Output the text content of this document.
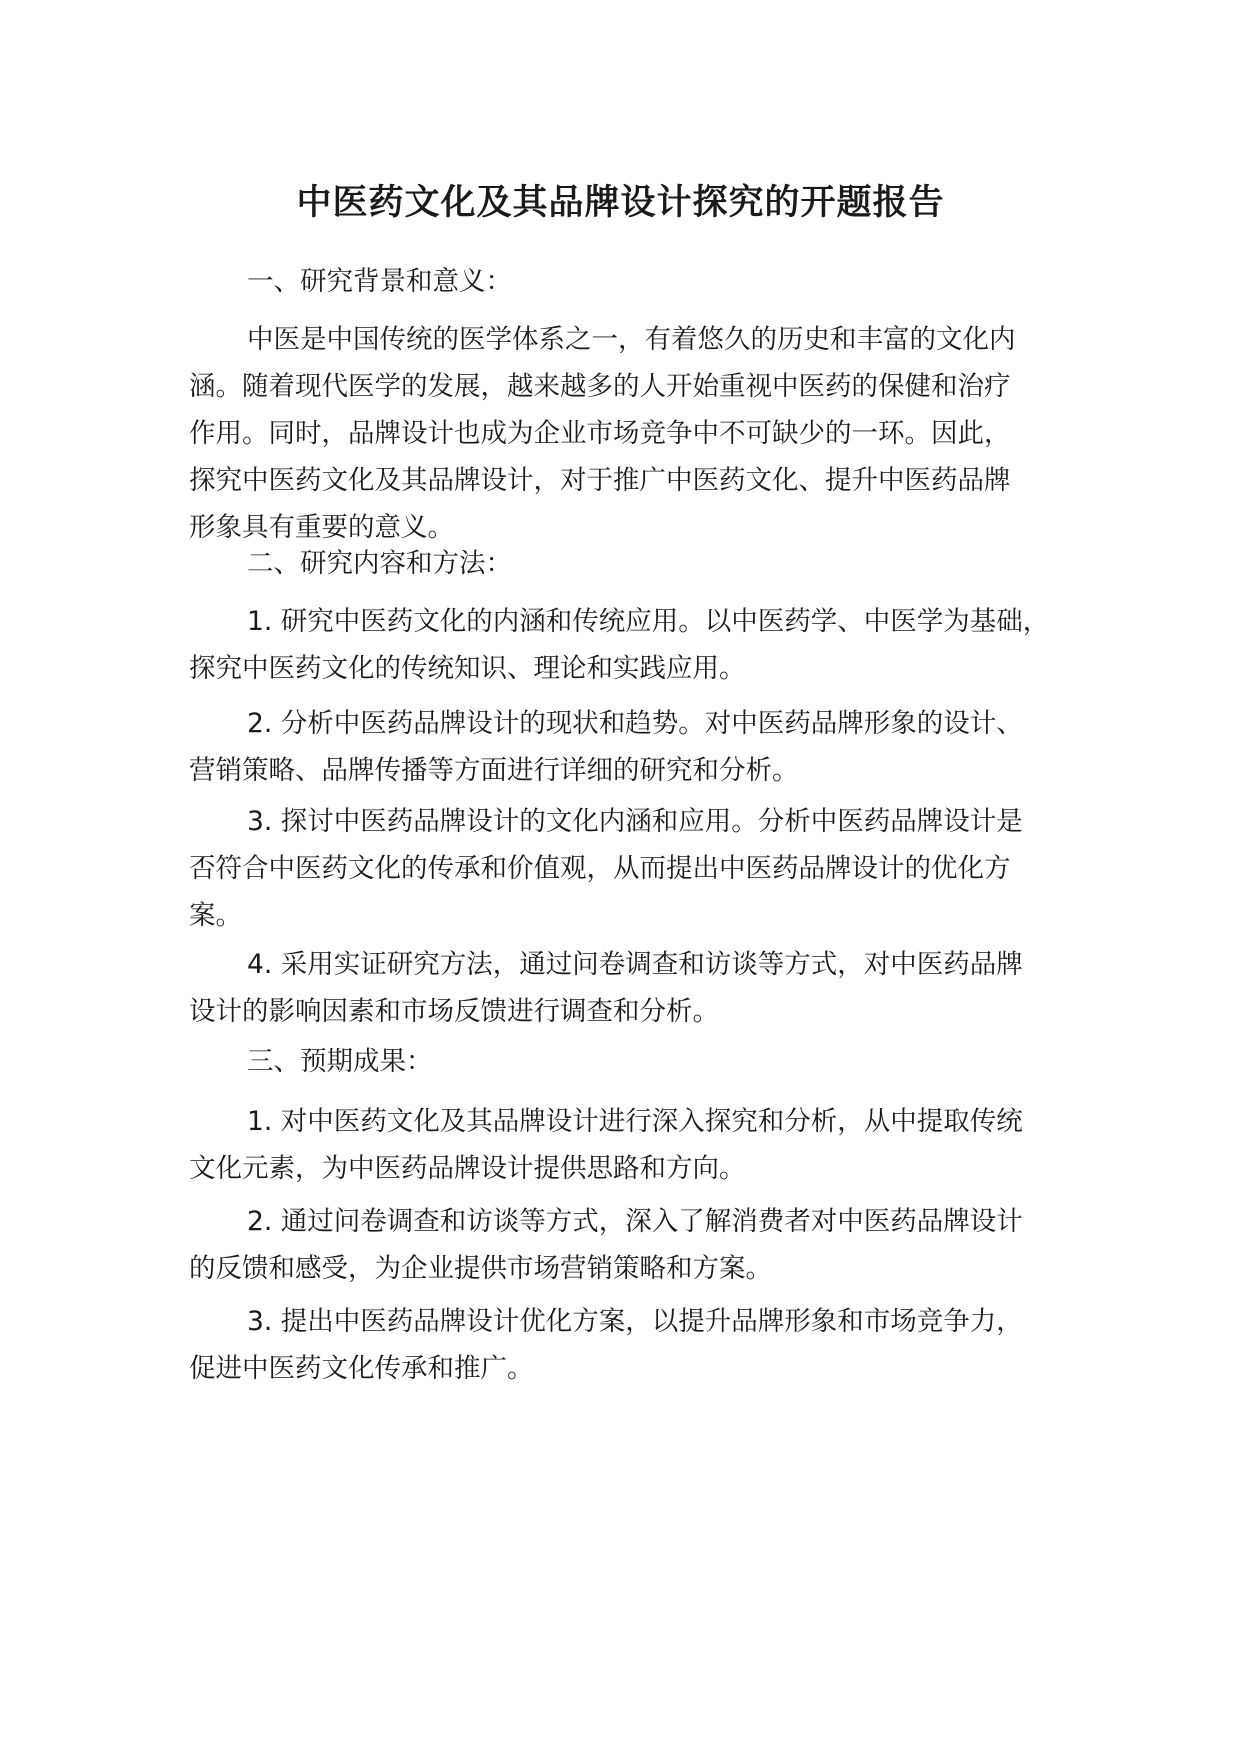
中医药文化及其品牌设计探究的开题报告

一、研究背景和意义：

中医是中国传统的医学体系之一，有着悠久的历史和丰富的文化内
涵。随着现代医学的发展，越来越多的人开始重视中医药的保健和治疗
作用。同时，品牌设计也成为企业市场竞争中不可缺少的一环。因此，
探究中医药文化及其品牌设计，对于推广中医药文化、提升中医药品牌
形象具有重要的意义。

二、研究内容和方法：

1. 研究中医药文化的内涵和传统应用。以中医药学、中医学为基础，
探究中医药文化的传统知识、理论和实践应用。

2. 分析中医药品牌设计的现状和趋势。对中医药品牌形象的设计、
营销策略、品牌传播等方面进行详细的研究和分析。

3. 探讨中医药品牌设计的文化内涵和应用。分析中医药品牌设计是
否符合中医药文化的传承和价值观，从而提出中医药品牌设计的优化方
案。

4. 采用实证研究方法，通过问卷调查和访谈等方式，对中医药品牌
设计的影响因素和市场反馈进行调查和分析。

三、预期成果：

1. 对中医药文化及其品牌设计进行深入探究和分析，从中提取传统
文化元素，为中医药品牌设计提供思路和方向。

2. 通过问卷调查和访谈等方式，深入了解消费者对中医药品牌设计
的反馈和感受，为企业提供市场营销策略和方案。

3. 提出中医药品牌设计优化方案，以提升品牌形象和市场竞争力，
促进中医药文化传承和推广。
